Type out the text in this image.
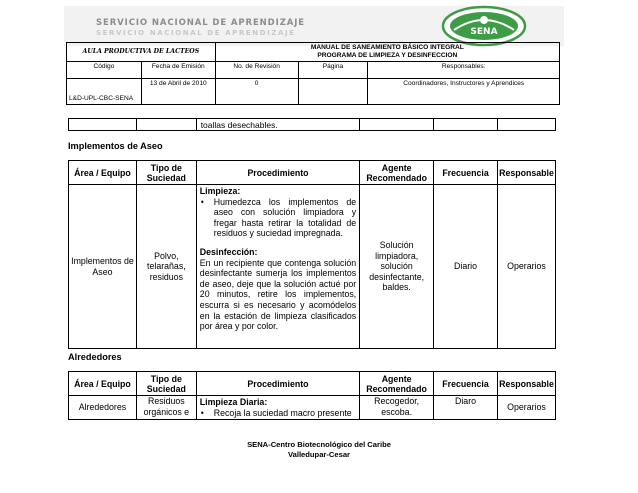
SERVICIO NACIONAL DE APRENDIZAJE
SERVICIO NACIONAL DE APRENDIZAJE	SENA
AULA PRODUCTIVA DE LACTEOS		MANUAL DE SANEAMIENTO BÁSICO INTEGRAL
PROGRAMA DE LIMPIEZA Y DESINFECCION		

Código	Fecha de Emisión	No. de Revisión	Página	Responsables:
L&D-UPL-CBC-SENA	13 de Abril de 2010	0		Coordinadores, Instructores y Aprendices
		toallas desechables.			
Implementos de Aseo
Área / Equipo	Tipo de Suciedad	Procedimiento	Agente Recomendado	Frecuencia	Responsable
Implementos de Aseo	Polvo, telarañas, residuos	Limpieza:
• Humedezca los implementos de aseo con solución limpiadora y fregar hasta retirar la totalidad de residuos y suciedad impregnada.
Desinfección:
En un recipiente que contenga solución desinfectante sumerja los implementos de aseo, deje que la solución actué por 20 minutos, retire los implementos, escurra si es necesario y acomódelos en la estación de limpieza clasificados por área y por color.	Solución limpiadora, solución desinfectante, baldes.	Diario	Operarios
Alrededores
Área / Equipo	Tipo de Suciedad	Procedimiento	Agente Recomendado	Frecuencia	Responsable
Alrededores	Residuos orgánicos e	Limpieza Diaria:
• Recoja la suciedad macro presente	Recogedor, escoba.	Diaro	Operarios
SENA-Centro Biotecnológico del Caribe
Valledupar-Cesar
